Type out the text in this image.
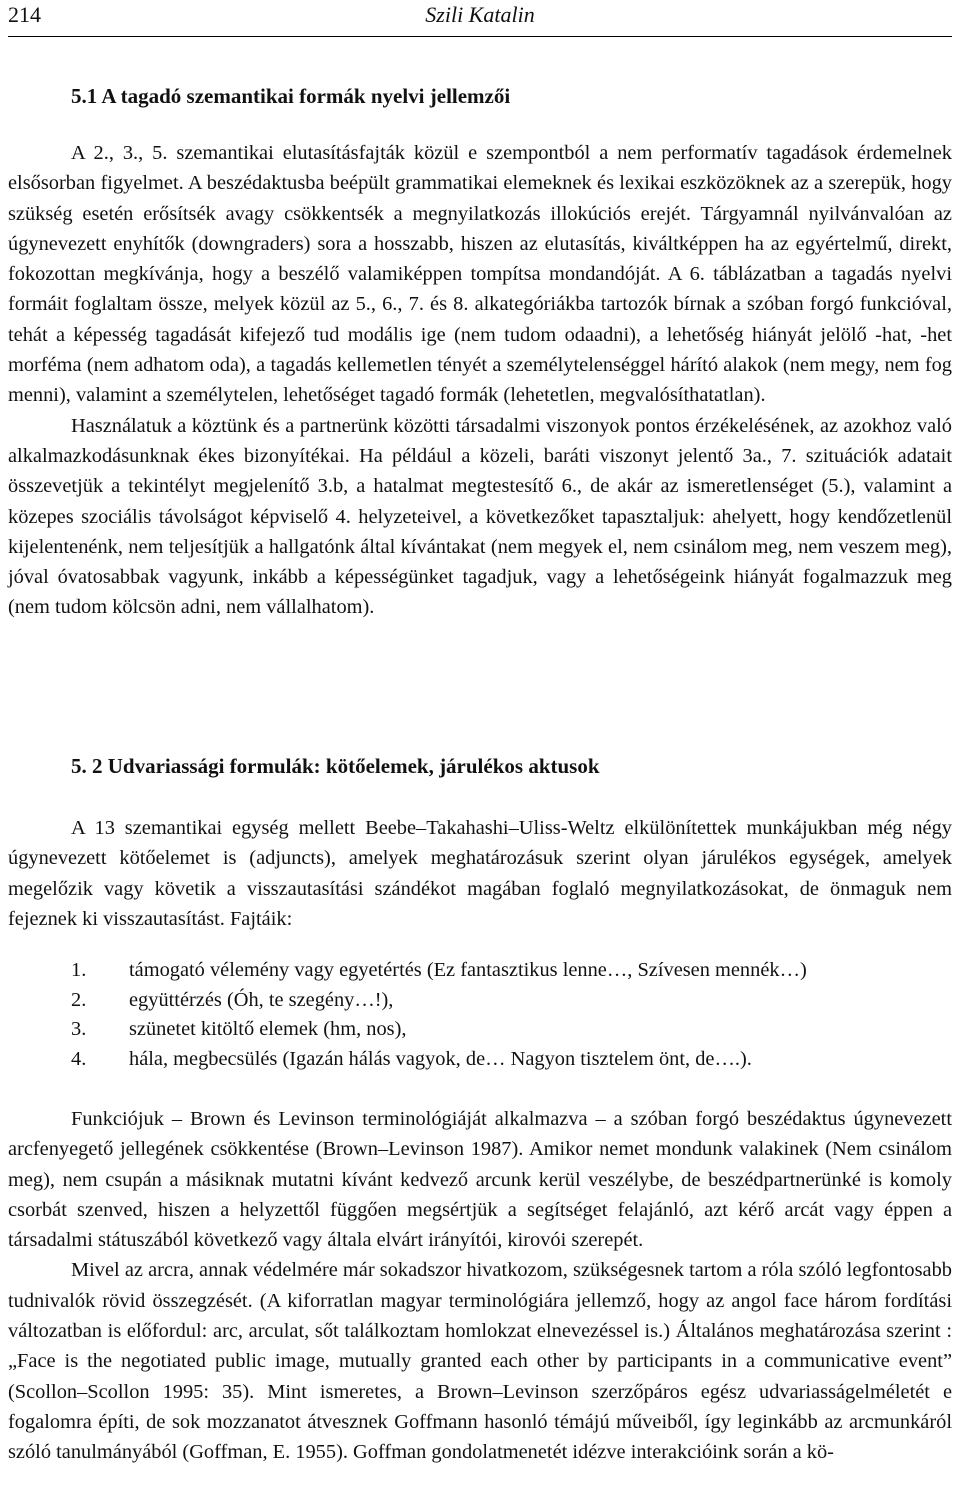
214	Szili Katalin
5.1 A tagadó szemantikai formák nyelvi jellemzői

A 2., 3., 5. szemantikai elutasításfajták közül e szempontból a nem performatív tagadások érdemelnek elsősorban figyelmet. A beszédaktusba beépült grammatikai elemeknek és lexikai eszközöknek az a szerepük, hogy szükség esetén erősítsék avagy csökkentsék a megnyilatkozás illokúciós erejét. Tárgyamnál nyilvánvalóan az úgynevezett enyhítők (downgraders) sora a hosszabb, hiszen az elutasítás, kiváltképpen ha az egyértelmű, direkt, fokozottan megkívánja, hogy a beszélő valamiképpen tompítsa mondandóját. A 6. táblázatban a tagadás nyelvi formáit foglaltam össze, melyek közül az 5., 6., 7. és 8. alkategóriákba tartozók bírnak a szóban forgó funkcióval, tehát a képesség tagadását kifejező tud modális ige (nem tudom odaadni), a lehetőség hiányát jelölő -hat, -het morféma (nem adhatom oda), a tagadás kellemetlen tényét a személytelenséggel hárító alakok (nem megy, nem fog menni), valamint a személytelen, lehetőséget tagadó formák (lehetetlen, megvalósíthatatlan).

Használatuk a köztünk és a partnerünk közötti társadalmi viszonyok pontos érzékelésének, az azokhoz való alkalmazkodásunknak ékes bizonyítékai. Ha például a közeli, baráti viszonyt jelentő 3a., 7. szituációk adatait összevetjük a tekintélyt megjelenítő 3.b, a hatalmat megtestesítő 6., de akár az ismeretlenséget (5.), valamint a közepes szociális távolságot képviselő 4. helyzeteivel, a következőket tapasztaljuk: ahelyett, hogy kendőzetlenül kijelentenénk, nem teljesítjük a hallgatónk által kívántakat (nem megyek el, nem csinálom meg, nem veszem meg), jóval óvatosabbak vagyunk, inkább a képességünket tagadjuk, vagy a lehetőségeink hiányát fogalmazzuk meg (nem tudom kölcsön adni, nem vállalhatom).

5. 2 Udvariassági formulák: kötőelemek, járulékos aktusok

A 13 szemantikai egység mellett Beebe–Takahashi–Uliss-Weltz elkülönítettek munkájukban még négy úgynevezett kötőelemet is (adjuncts), amelyek meghatározásuk szerint olyan járulékos egységek, amelyek megelőzik vagy követik a visszautasítási szándékot magában foglaló megnyilatkozásokat, de önmaguk nem fejeznek ki visszautasítást. Fajtáik:

1. támogató vélemény vagy egyetértés (Ez fantasztikus lenne…, Szívesen mennék…)
2. együttérzés (Óh, te szegény…!),
3. szünetet kitöltő elemek (hm, nos),
4. hála, megbecsülés (Igazán hálás vagyok, de… Nagyon tisztelem önt, de….).

Funkciójuk – Brown és Levinson terminológiáját alkalmazva – a szóban forgó beszédaktus úgynevezett arcfenyegető jellegének csökkentése (Brown–Levinson 1987). Amikor nemet mondunk valakinek (Nem csinálom meg), nem csupán a másiknak mutatni kívánt kedvező arcunk kerül veszélybe, de beszédpartnerünké is komoly csorbát szenved, hiszen a helyzettől függően megsértjük a segítséget felajánló, azt kérő arcát vagy éppen a társadalmi státuszából következő vagy általa elvárt irányítói, kirovói szerepét.

Mivel az arcra, annak védelmére már sokadszor hivatkozom, szükségesnek tartom a róla szóló legfontosabb tudnivalók rövid összegzését. (A kiforratlan magyar terminológiára jellemző, hogy az angol face három fordítási változatban is előfordul: arc, arculat, sőt találkoztam homlokzat elnevezéssel is.) Általános meghatározása szerint : „Face is the negotiated public image, mutually granted each other by participants in a communicative event” (Scollon–Scollon 1995: 35). Mint ismeretes, a Brown–Levinson szerzőpáros egész udvariasságelméletét e fogalomra építi, de sok mozzanatot átvesznek Goffmann hasonló témájú műveiből, így leginkább az arcmunkáról szóló tanulmányából (Goffman, E. 1955). Goffman gondolatmenetét idézve interakcióink során a kö-
